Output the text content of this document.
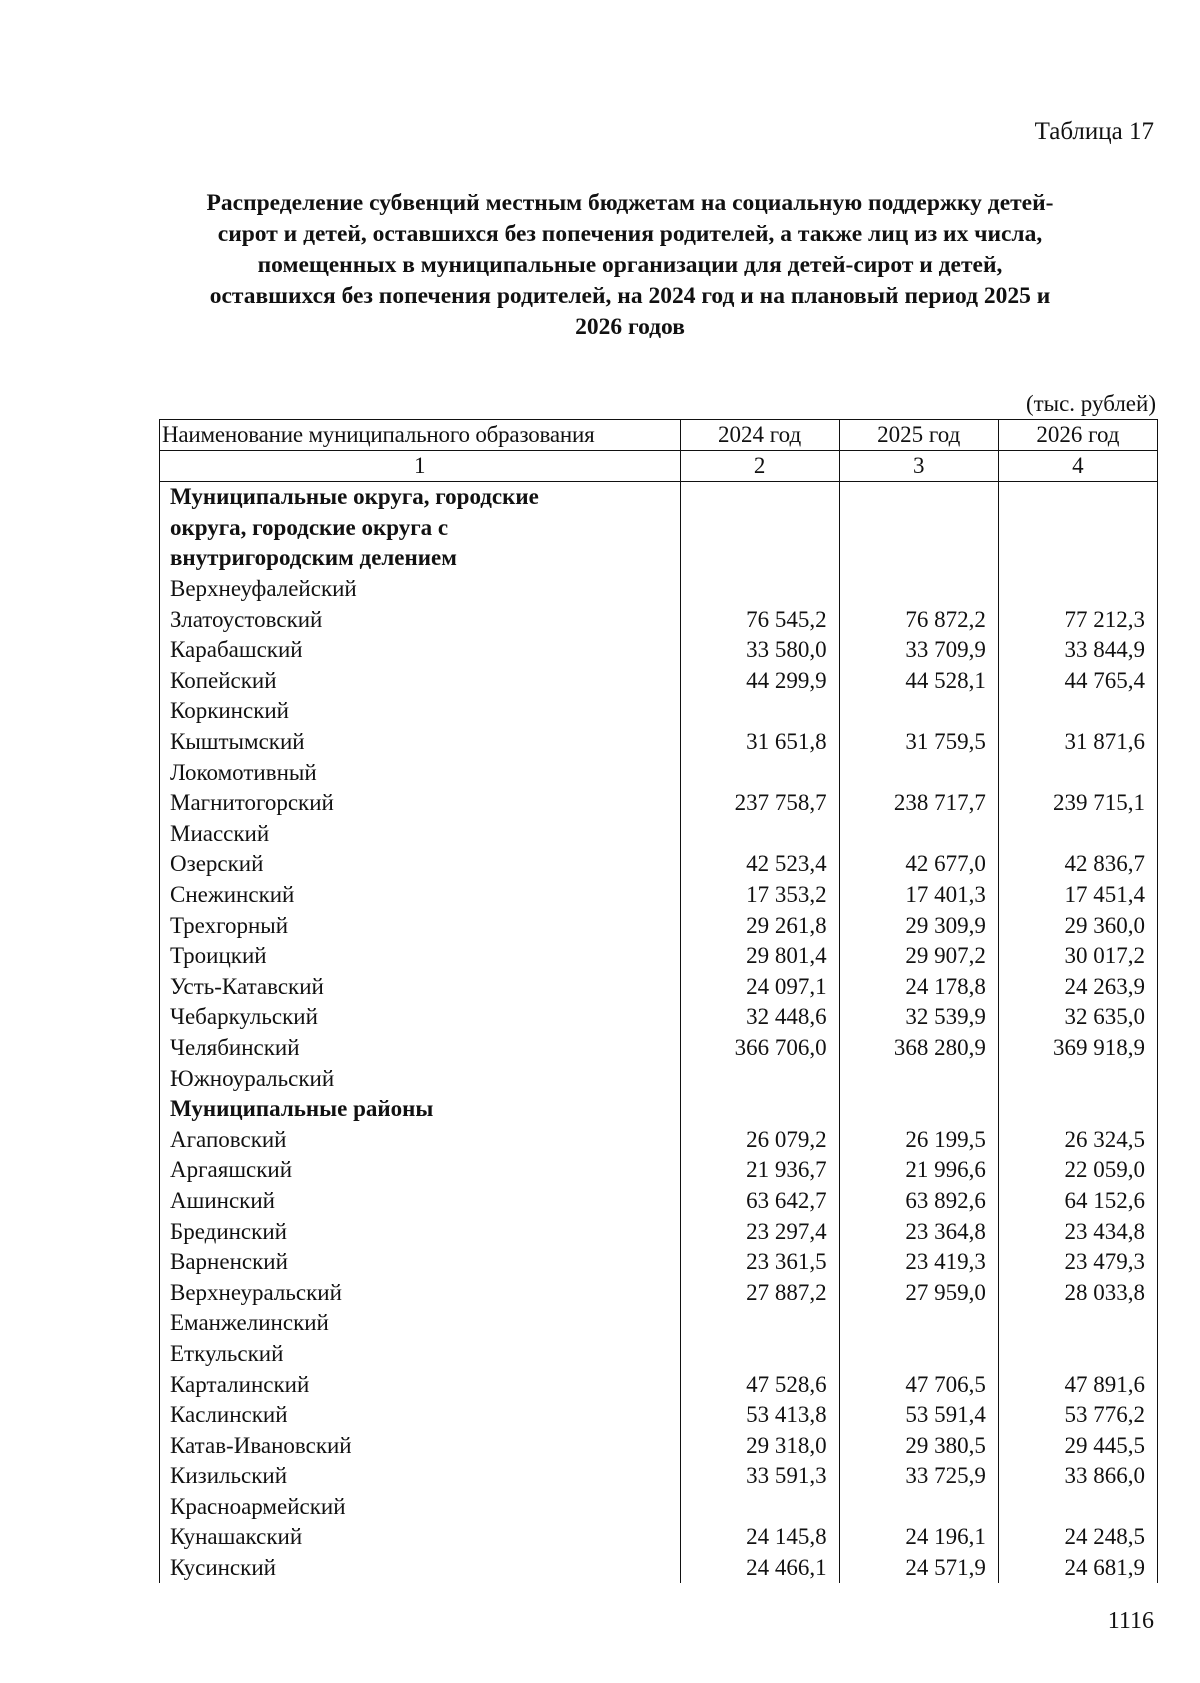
Таблица 17
Распределение субвенций местным бюджетам на социальную поддержку детей-
сирот и детей, оставшихся без попечения родителей, а также лиц из их числа,
помещенных в муниципальные организации для детей-сирот и детей,
оставшихся без попечения родителей, на 2024 год и на плановый период 2025 и
2026 годов
(тыс. рублей)
Наименование муниципального образования	2024 год	2025 год	2026 год
1	2	3	4
Муниципальные округа, городские			
округа, городские округа с			
внутригородским делением			
Верхнеуфалейский			
Златоустовский	76 545,2	76 872,2	77 212,3
Карабашский	33 580,0	33 709,9	33 844,9
Копейский	44 299,9	44 528,1	44 765,4
Коркинский			
Кыштымский	31 651,8	31 759,5	31 871,6
Локомотивный			
Магнитогорский	237 758,7	238 717,7	239 715,1
Миасский			
Озерский	42 523,4	42 677,0	42 836,7
Снежинский	17 353,2	17 401,3	17 451,4
Трехгорный	29 261,8	29 309,9	29 360,0
Троицкий	29 801,4	29 907,2	30 017,2
Усть-Катавский	24 097,1	24 178,8	24 263,9
Чебаркульский	32 448,6	32 539,9	32 635,0
Челябинский	366 706,0	368 280,9	369 918,9
Южноуральский			
Муниципальные районы			
Агаповский	26 079,2	26 199,5	26 324,5
Аргаяшский	21 936,7	21 996,6	22 059,0
Ашинский	63 642,7	63 892,6	64 152,6
Брединский	23 297,4	23 364,8	23 434,8
Варненский	23 361,5	23 419,3	23 479,3
Верхнеуральский	27 887,2	27 959,0	28 033,8
Еманжелинский			
Еткульский			
Карталинский	47 528,6	47 706,5	47 891,6
Каслинский	53 413,8	53 591,4	53 776,2
Катав-Ивановский	29 318,0	29 380,5	29 445,5
Кизильский	33 591,3	33 725,9	33 866,0
Красноармейский			
Кунашакский	24 145,8	24 196,1	24 248,5
Кусинский	24 466,1	24 571,9	24 681,9
1116
